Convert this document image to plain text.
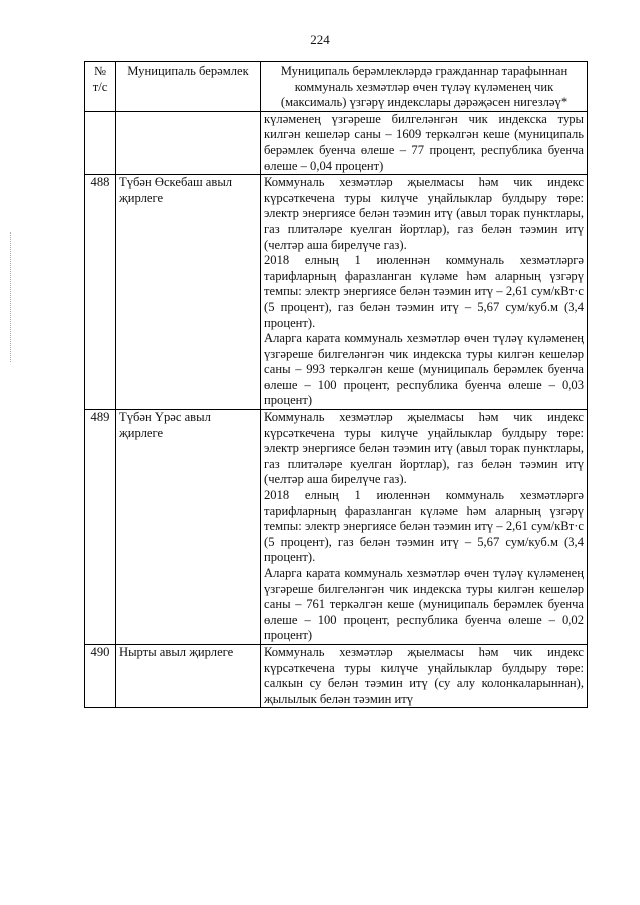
224
№ т/с	Муниципаль берәмлек	Муниципаль берәмлекләрдә гражданнар тарафыннан коммуналь хезмәтләр өчен түләү күләменең чик (максималь) үзгәрү индекслары дәрәҗәсен нигезләү*

		күләменең үзгәреше билгеләнгән чик индекска туры килгән кешеләр саны – 1609 теркәлгән кеше (муниципаль берәмлек буенча өлеше – 77 процент, республика буенча өлеше – 0,04 процент)

488	Түбән Өскебаш авыл җирлеге	Коммуналь хезмәтләр җыелмасы һәм чик индекс күрсәткечена туры килүче уңайлыклар булдыру төре: электр энергиясе белән тәэмин итү (авыл торак пунктлары, газ плитәләре куелган йортлар), газ белән тәэмин итү (челтәр аша бирелүче газ).

2018 елның 1 июленнән коммуналь хезмәтләргә тарифларның фаразланган күләме һәм аларның үзгәрү темпы: электр энергиясе белән тәэмин итү – 2,61 сум/кВт·с (5 процент), газ белән тәэмин итү – 5,67 сум/куб.м (3,4 процент).

Аларга карата коммуналь хезмәтләр өчен түләү күләменең үзгәреше билгеләнгән чик индекска туры килгән кешеләр саны – 993 теркәлгән кеше (муниципаль берәмлек буенча өлеше – 100 процент, республика буенча өлеше – 0,03 процент)

489	Түбән Үрәс авыл җирлеге	Коммуналь хезмәтләр җыелмасы һәм чик индекс күрсәткечена туры килүче уңайлыклар булдыру төре: электр энергиясе белән тәэмин итү (авыл торак пунктлары, газ плитәләре куелган йортлар), газ белән тәэмин итү (челтәр аша бирелүче газ).

2018 елның 1 июленнән коммуналь хезмәтләргә тарифларның фаразланган күләме һәм аларның үзгәрү темпы: электр энергиясе белән тәэмин итү – 2,61 сум/кВт·с (5 процент), газ белән тәэмин итү – 5,67 сум/куб.м (3,4 процент).

Аларга карата коммуналь хезмәтләр өчен түләү күләменең үзгәреше билгеләнгән чик индекска туры килгән кешеләр саны – 761 теркәлгән кеше (муниципаль берәмлек буенча өлеше – 100 процент, республика буенча өлеше – 0,02 процент)

490	Нырты авыл җирлеге	Коммуналь хезмәтләр җыелмасы һәм чик индекс күрсәткечена туры килүче уңайлыклар булдыру төре: салкын су белән тәэмин итү (су алу колонкаларыннан), җылылык белән тәэмин итү
